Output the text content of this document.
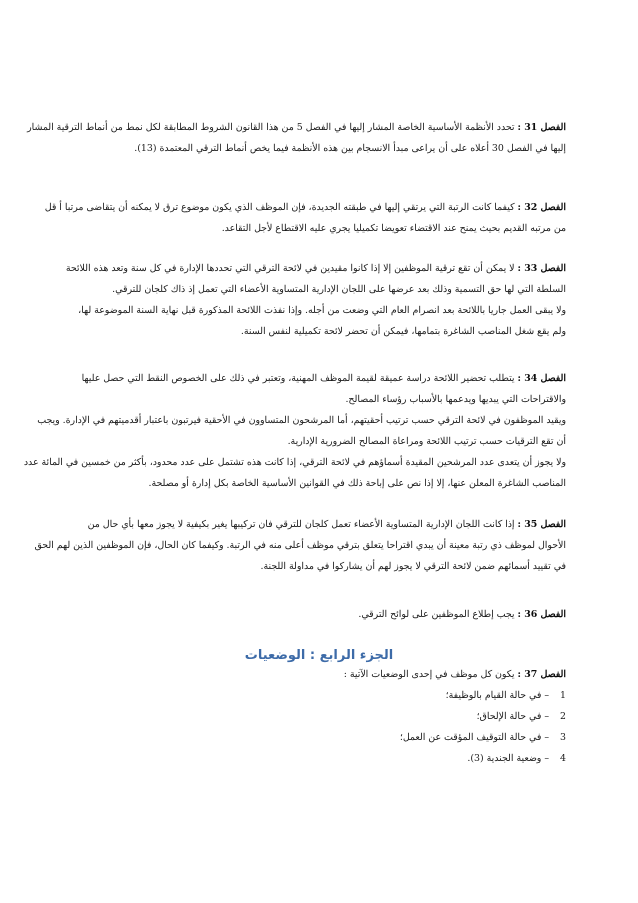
الفصل 31 : تحدد الأنظمة الأساسية الخاصة المشار إليها في الفصل 5 من هذا القانون الشروط المطابقة لكل نمط من أنماط الترقية المشار

إليها في الفصل 30 أعلاه على أن يراعى مبدأ الانسجام بين هذه الأنظمة فيما يخص أنماط الترقي المعتمدة (13).

الفصل 32 : كيفما كانت الرتبة التي يرتقي إليها في طبقته الجديدة، فإن الموظف الذي يكون موضوع ترق لا يمكنه أن يتقاضى مرتبا أ قل

من مرتبه القديم بحيث يمنح عند الاقتضاء تعويضا تكميليا يجري عليه الاقتطاع لأجل التقاعد.

الفصل 33 : لا يمكن أن تقع ترقية الموظفين إلا إذا كانوا مقيدين في لائحة الترقي التي تحددها الإدارة في كل سنة وتعد هذه اللائحة

السلطة التي لها حق التسمية وذلك بعد عرضها على اللجان الإدارية المتساوية الأعضاء التي تعمل إذ ذاك كلجان للترقي.

ولا يبقى العمل جاريا باللائحة بعد انصرام العام التي وضعت من أجله. وإذا نفذت اللائحة المذكورة قبل نهاية السنة الموضوعة لها،

ولم يقع شغل المناصب الشاغرة بتمامها، فيمكن أن تحضر لائحة تكميلية لنفس السنة.

الفصل 34 : يتطلب تحضير اللائحة دراسة عميقة لقيمة الموظف المهنية، وتعتبر في ذلك على الخصوص النقط التي حصل عليها

والاقتراحات التي يبديها ويدعمها بالأسباب رؤساء المصالح.

ويقيد الموظفون في لائحة الترقي حسب ترتيب أحقيتهم، أما المرشحون المتساوون في الأحقية فيرتبون باعتبار أقدميتهم في الإدارة. ويجب

أن تقع الترقيات حسب ترتيب اللائحة ومراعاة المصالح الضرورية الإدارية.

ولا يجوز أن يتعدى عدد المرشحين المقيدة أسماؤهم في لائحة الترقي، إذا كانت هذه تشتمل على عدد محدود، بأكثر من خمسين في المائة عدد

المناصب الشاغرة المعلن عنها، إلا إذا نص على إباحة ذلك في القوانين الأساسية الخاصة بكل إدارة أو مصلحة.

الفصل 35 : إذا كانت اللجان الإدارية المتساوية الأعضاء تعمل كلجان للترقي فان تركيبها يغير بكيفية لا يجوز معها بأي حال من

الأحوال لموظف ذي رتبة معينة أن يبدي اقتراحا يتعلق بترقي موظف أعلى منه في الرتبة. وكيفما كان الحال، فإن الموظفين الذين لهم الحق

في تقييد أسمائهم ضمن لائحة الترقي لا يجوز لهم أن يشاركوا في مداولة اللجنة.

الفصل 36 : يجب إطلاع الموظفين على لوائح الترقي.

الجزء الرابع : الوضعيات

الفصل 37 : يكون كل موظف في إحدى الوضعيات الآتية :

1 – في حالة القيام بالوظيفة؛

2 – في حالة الإلحاق؛

3 – في حالة التوقيف المؤقت عن العمل؛

4 – وضعية الجندية (3).
